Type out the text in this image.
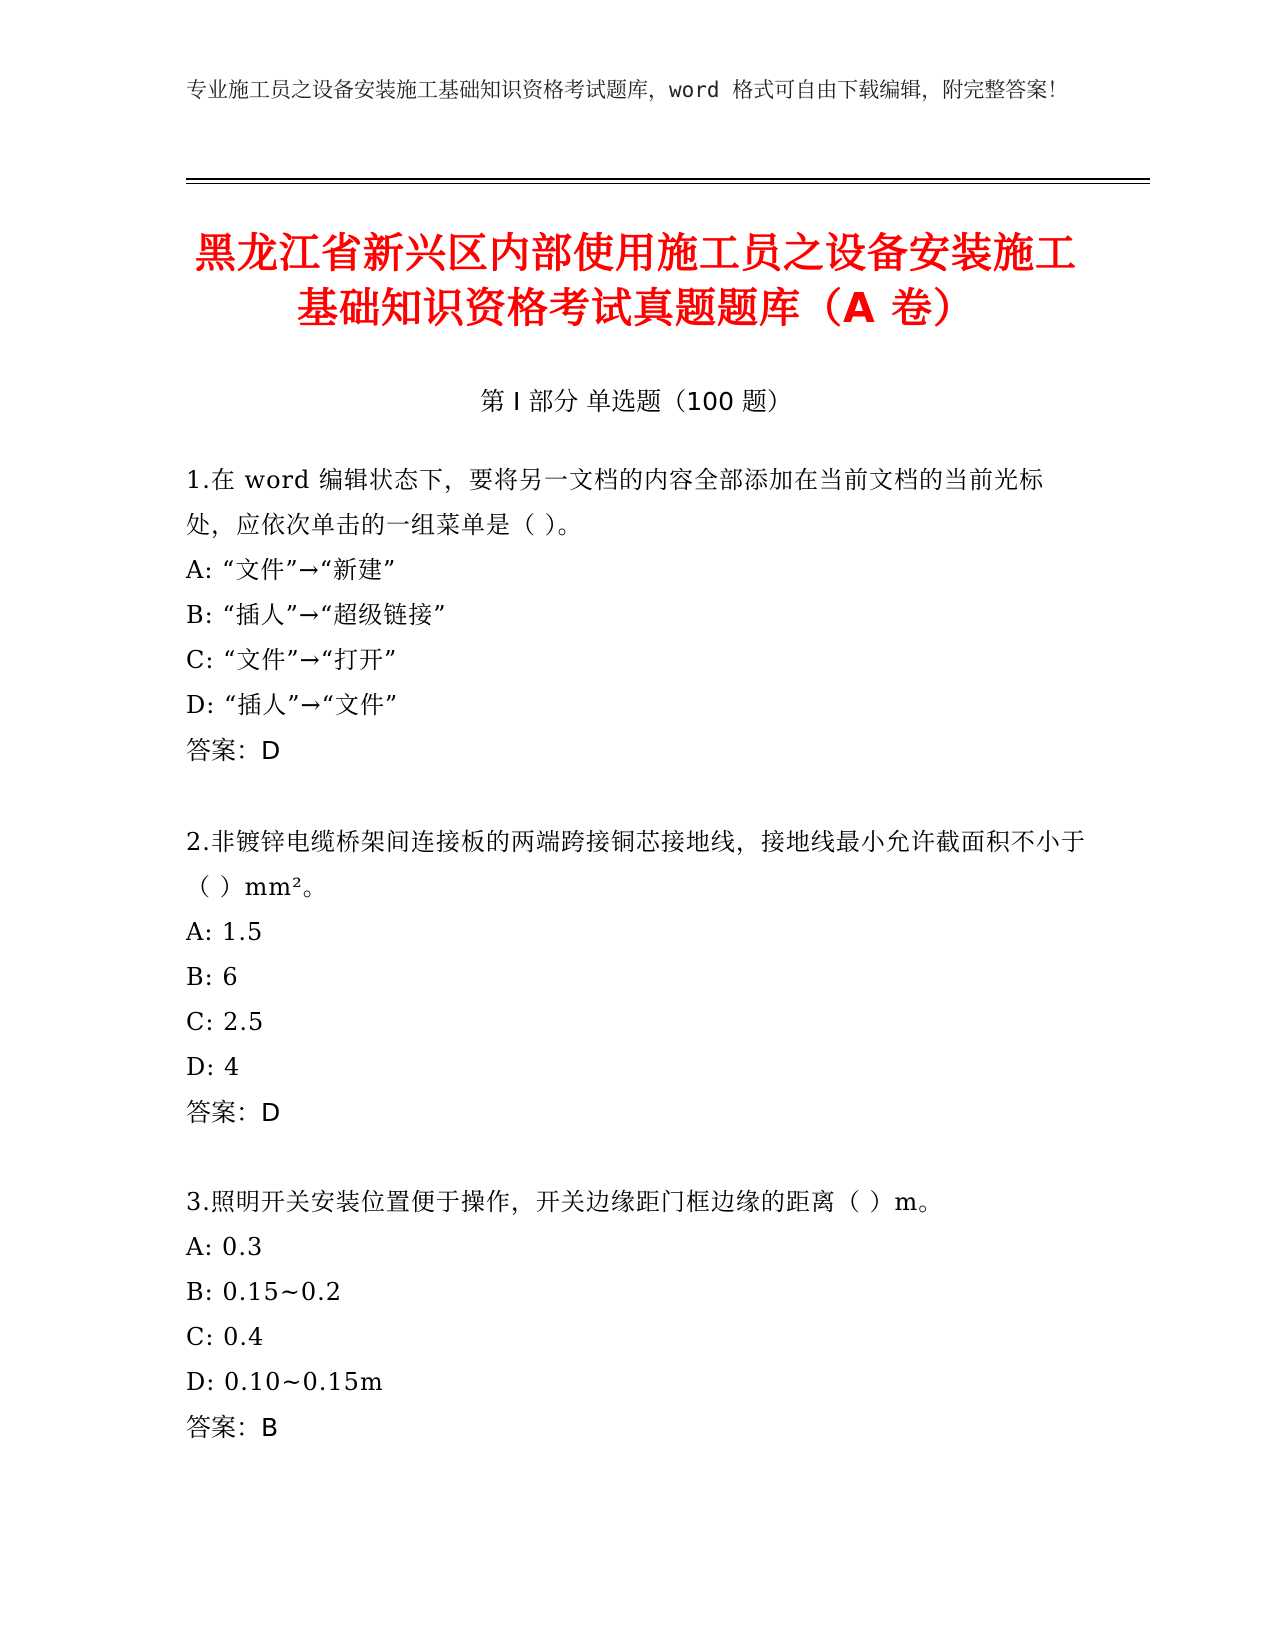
专业施工员之设备安装施工基础知识资格考试题库，word 格式可自由下载编辑，附完整答案！
黑龙江省新兴区内部使用施工员之设备安装施工基础知识资格考试真题题库（A 卷）
第 I 部分 单选题（100 题）

1.在 word 编辑状态下，要将另一文档的内容全部添加在当前文档的当前光标处，应依次单击的一组菜单是（ ）。

A: “文件”→“新建”

B: “插人”→“超级链接”

C: “文件”→“打开”

D: “插人”→“文件”

答案：D

2.非镀锌电缆桥架间连接板的两端跨接铜芯接地线，接地线最小允许截面积不小于（ ）mm²。

A: 1.5

B: 6

C: 2.5

D: 4

答案：D

3.照明开关安装位置便于操作，开关边缘距门框边缘的距离（ ）m。

A: 0.3

B: 0.15~0.2

C: 0.4

D: 0.10~0.15m

答案：B
